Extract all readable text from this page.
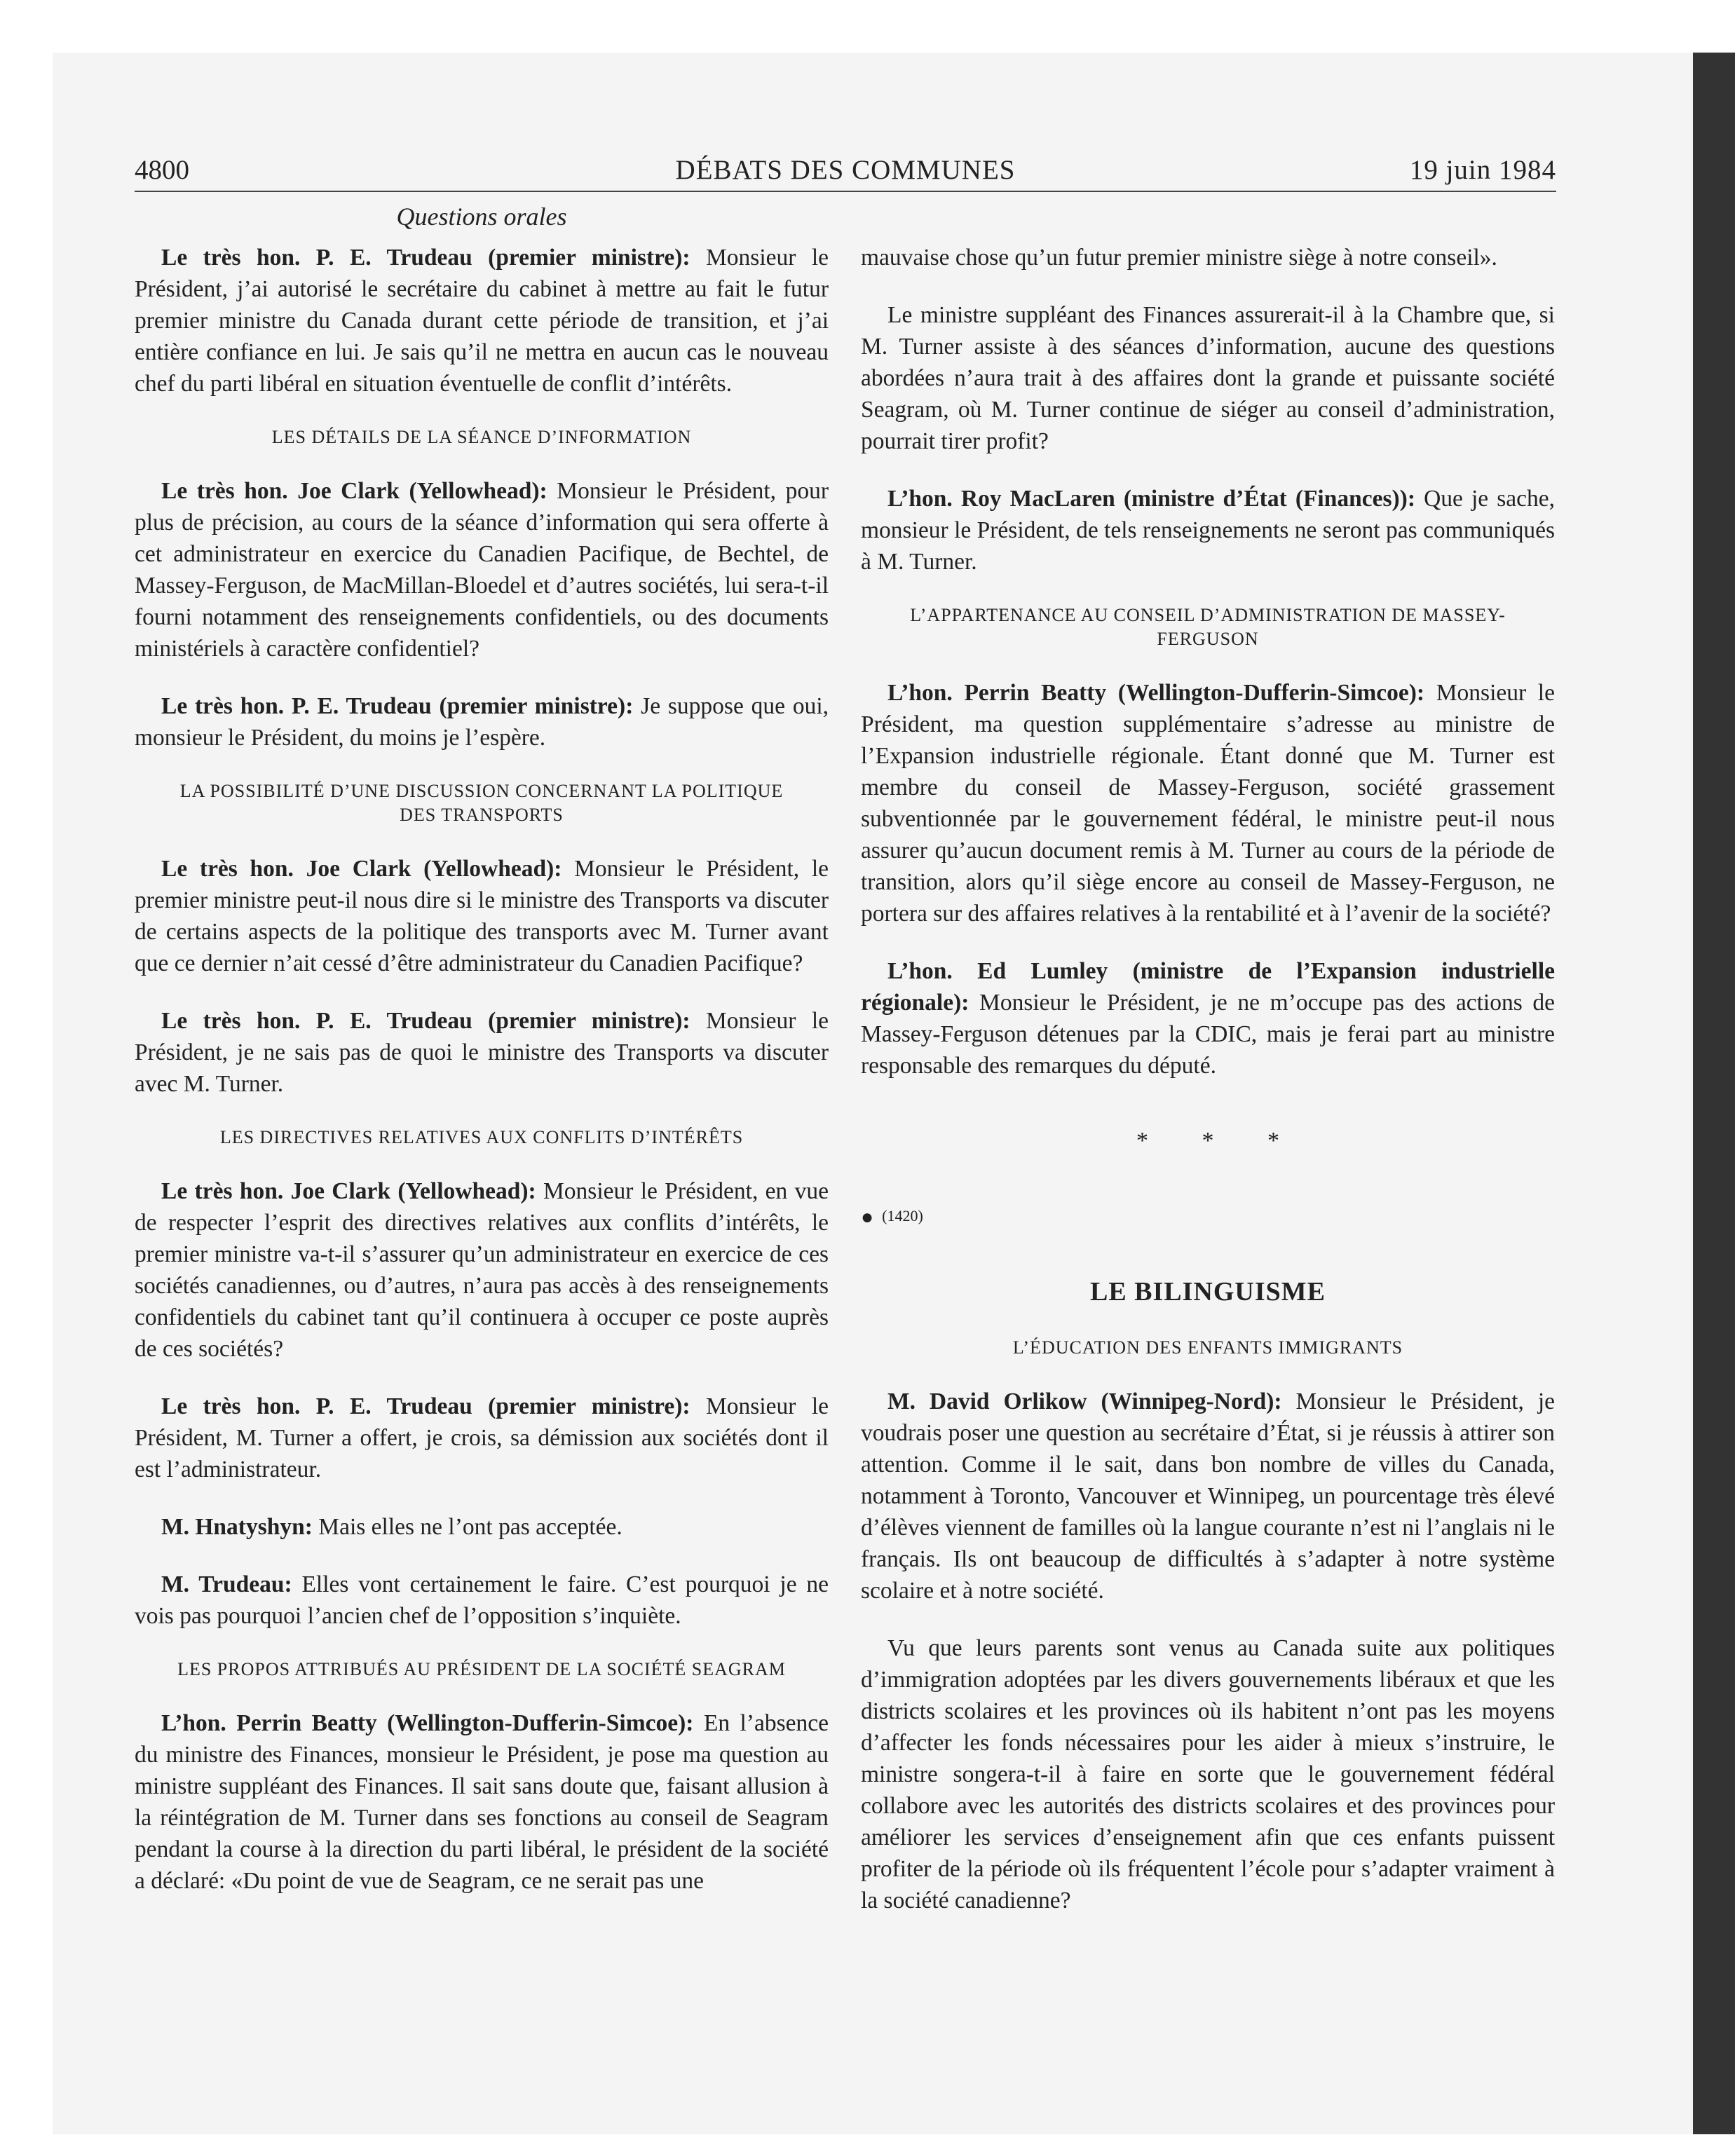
4800	DÉBATS DES COMMUNES	19 juin 1984
Questions orales

Le très hon. P. E. Trudeau (premier ministre): Monsieur le Président, j’ai autorisé le secrétaire du cabinet à mettre au fait le futur premier ministre du Canada durant cette période de transition, et j’ai entière confiance en lui. Je sais qu’il ne mettra en aucun cas le nouveau chef du parti libéral en situation éventuelle de conflit d’intérêts.

LES DÉTAILS DE LA SÉANCE D’INFORMATION

Le très hon. Joe Clark (Yellowhead): Monsieur le Président, pour plus de précision, au cours de la séance d’information qui sera offerte à cet administrateur en exercice du Canadien Pacifique, de Bechtel, de Massey-Ferguson, de MacMillan-Bloedel et d’autres sociétés, lui sera-t-il fourni notamment des renseignements confidentiels, ou des documents ministériels à caractère confidentiel?

Le très hon. P. E. Trudeau (premier ministre): Je suppose que oui, monsieur le Président, du moins je l’espère.

LA POSSIBILITÉ D’UNE DISCUSSION CONCERNANT LA POLITIQUE DES TRANSPORTS

Le très hon. Joe Clark (Yellowhead): Monsieur le Président, le premier ministre peut-il nous dire si le ministre des Transports va discuter de certains aspects de la politique des transports avec M. Turner avant que ce dernier n’ait cessé d’être administrateur du Canadien Pacifique?

Le très hon. P. E. Trudeau (premier ministre): Monsieur le Président, je ne sais pas de quoi le ministre des Transports va discuter avec M. Turner.

LES DIRECTIVES RELATIVES AUX CONFLITS D’INTÉRÊTS

Le très hon. Joe Clark (Yellowhead): Monsieur le Président, en vue de respecter l’esprit des directives relatives aux conflits d’intérêts, le premier ministre va-t-il s’assurer qu’un administrateur en exercice de ces sociétés canadiennes, ou d’autres, n’aura pas accès à des renseignements confidentiels du cabinet tant qu’il continuera à occuper ce poste auprès de ces sociétés?

Le très hon. P. E. Trudeau (premier ministre): Monsieur le Président, M. Turner a offert, je crois, sa démission aux sociétés dont il est l’administrateur.

M. Hnatyshyn: Mais elles ne l’ont pas acceptée.

M. Trudeau: Elles vont certainement le faire. C’est pourquoi je ne vois pas pourquoi l’ancien chef de l’opposition s’inquiète.

LES PROPOS ATTRIBUÉS AU PRÉSIDENT DE LA SOCIÉTÉ SEAGRAM

L’hon. Perrin Beatty (Wellington-Dufferin-Simcoe): En l’absence du ministre des Finances, monsieur le Président, je pose ma question au ministre suppléant des Finances. Il sait sans doute que, faisant allusion à la réintégration de M. Turner dans ses fonctions au conseil de Seagram pendant la course à la direction du parti libéral, le président de la société a déclaré: «Du point de vue de Seagram, ce ne serait pas une

mauvaise chose qu’un futur premier ministre siège à notre conseil».

Le ministre suppléant des Finances assurerait-il à la Chambre que, si M. Turner assiste à des séances d’information, aucune des questions abordées n’aura trait à des affaires dont la grande et puissante société Seagram, où M. Turner continue de siéger au conseil d’administration, pourrait tirer profit?

L’hon. Roy MacLaren (ministre d’État (Finances)): Que je sache, monsieur le Président, de tels renseignements ne seront pas communiqués à M. Turner.

L’APPARTENANCE AU CONSEIL D’ADMINISTRATION DE MASSEY-FERGUSON

L’hon. Perrin Beatty (Wellington-Dufferin-Simcoe): Monsieur le Président, ma question supplémentaire s’adresse au ministre de l’Expansion industrielle régionale. Étant donné que M. Turner est membre du conseil de Massey-Ferguson, société grassement subventionnée par le gouvernement fédéral, le ministre peut-il nous assurer qu’aucun document remis à M. Turner au cours de la période de transition, alors qu’il siège encore au conseil de Massey-Ferguson, ne portera sur des affaires relatives à la rentabilité et à l’avenir de la société?

L’hon. Ed Lumley (ministre de l’Expansion industrielle régionale): Monsieur le Président, je ne m’occupe pas des actions de Massey-Ferguson détenues par la CDIC, mais je ferai part au ministre responsable des remarques du député.

* * *
● (1420)
LE BILINGUISME
L’ÉDUCATION DES ENFANTS IMMIGRANTS

M. David Orlikow (Winnipeg-Nord): Monsieur le Président, je voudrais poser une question au secrétaire d’État, si je réussis à attirer son attention. Comme il le sait, dans bon nombre de villes du Canada, notamment à Toronto, Vancouver et Winnipeg, un pourcentage très élevé d’élèves viennent de familles où la langue courante n’est ni l’anglais ni le français. Ils ont beaucoup de difficultés à s’adapter à notre système scolaire et à notre société.

Vu que leurs parents sont venus au Canada suite aux politiques d’immigration adoptées par les divers gouvernements libéraux et que les districts scolaires et les provinces où ils habitent n’ont pas les moyens d’affecter les fonds nécessaires pour les aider à mieux s’instruire, le ministre songera-t-il à faire en sorte que le gouvernement fédéral collabore avec les autorités des districts scolaires et des provinces pour améliorer les services d’enseignement afin que ces enfants puissent profiter de la période où ils fréquentent l’école pour s’adapter vraiment à la société canadienne?
